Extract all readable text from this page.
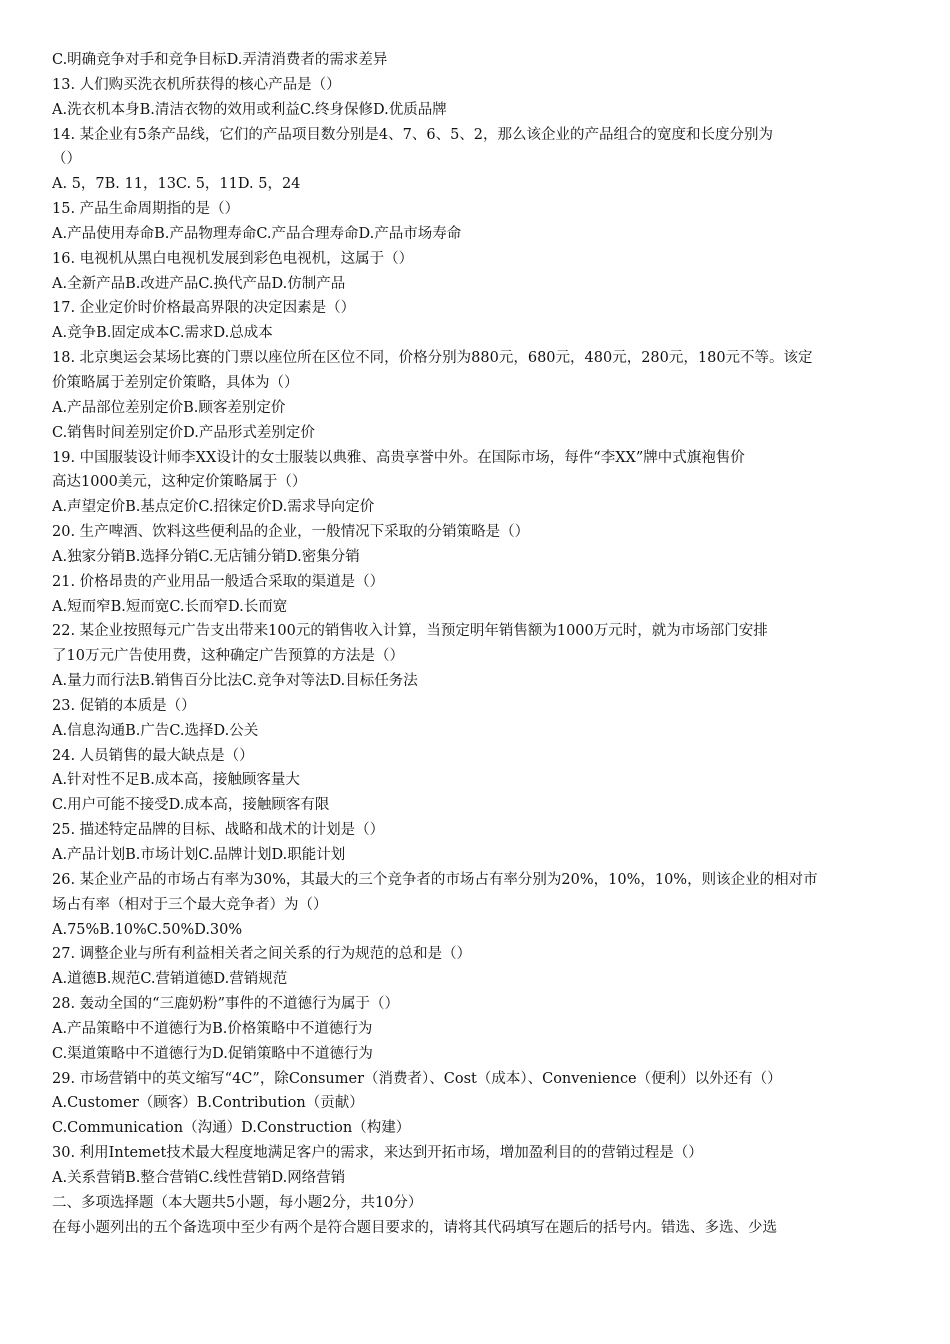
C.明确竞争对手和竞争目标D.弄清消费者的需求差异
13. 人们购买洗衣机所获得的核心产品是（）
A.洗衣机本身B.清洁衣物的效用或利益C.终身保修D.优质品牌
14. 某企业有5条产品线，它们的产品项目数分别是4、7、6、5、2，那么该企业的产品组合的宽度和长度分别为
（）
A. 5，7B. 11，13C. 5，11D. 5，24
15. 产品生命周期指的是（）
A.产品使用寿命B.产品物理寿命C.产品合理寿命D.产品市场寿命
16. 电视机从黑白电视机发展到彩色电视机，这属于（）
A.全新产品B.改进产品C.换代产品D.仿制产品
17. 企业定价时价格最高界限的决定因素是（）
A.竞争B.固定成本C.需求D.总成本
18. 北京奥运会某场比赛的门票以座位所在区位不同，价格分别为880元，680元，480元，280元，180元不等。该定
价策略属于差别定价策略，具体为（）
A.产品部位差别定价B.顾客差别定价
C.销售时间差别定价D.产品形式差别定价
19. 中国服装设计师李XX设计的女士服装以典雅、高贵享誉中外。在国际市场，每件“李XX”牌中式旗袍售价
高达1000美元，这种定价策略属于（）
A.声望定价B.基点定价C.招徕定价D.需求导向定价
20. 生产啤酒、饮料这些便利品的企业，一般情况下采取的分销策略是（）
A.独家分销B.选择分销C.无店铺分销D.密集分销
21. 价格昂贵的产业用品一般适合采取的渠道是（）
A.短而窄B.短而宽C.长而窄D.长而宽
22. 某企业按照每元广告支出带来100元的销售收入计算，当预定明年销售额为1000万元时，就为市场部门安排
了10万元广告使用费，这种确定广告预算的方法是（）
A.量力而行法B.销售百分比法C.竞争对等法D.目标任务法
23. 促销的本质是（）
A.信息沟通B.广告C.选择D.公关
24. 人员销售的最大缺点是（）
A.针对性不足B.成本高，接触顾客量大
C.用户可能不接受D.成本高，接触顾客有限
25. 描述特定品牌的目标、战略和战术的计划是（）
A.产品计划B.市场计划C.品牌计划D.职能计划
26. 某企业产品的市场占有率为30%，其最大的三个竞争者的市场占有率分别为20%，10%，10%，则该企业的相对市
场占有率（相对于三个最大竞争者）为（）
A.75%B.10%C.50%D.30%
27. 调整企业与所有利益相关者之间关系的行为规范的总和是（）
A.道德B.规范C.营销道德D.营销规范
28. 轰动全国的“三鹿奶粉”事件的不道德行为属于（）
A.产品策略中不道德行为B.价格策略中不道德行为
C.渠道策略中不道德行为D.促销策略中不道德行为
29. 市场营销中的英文缩写“4C”，除Consumer（消费者）、Cost（成本）、Convenience（便利）以外还有（）
A.Customer（顾客）B.Contribution（贡献）
C.Communication（沟通）D.Construction（构建）
30. 利用Intemet技术最大程度地满足客户的需求，来达到开拓市场，增加盈利目的的营销过程是（）
A.关系营销B.整合营销C.线性营销D.网络营销
二、多项选择题（本大题共5小题，每小题2分，共10分）
在每小题列出的五个备选项中至少有两个是符合题目要求的，请将其代码填写在题后的括号内。错选、多选、少选
